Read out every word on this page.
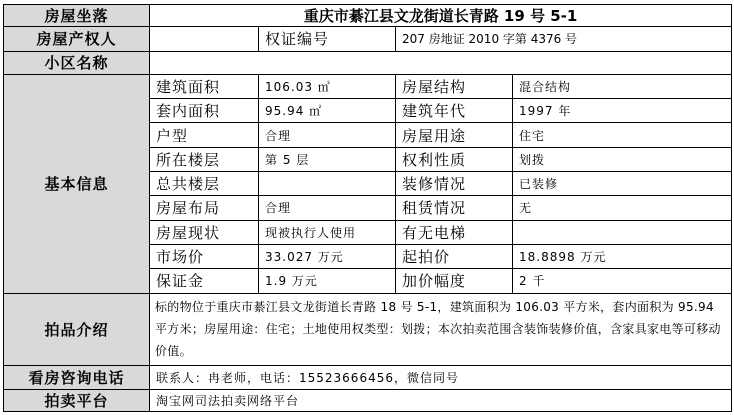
房屋坐落	重庆市綦江县文龙街道长青路 19 号 5-1			
房屋产权人		权证编号	207 房地证 2010 字第 4376 号	
小区名称				
基本信息	建筑面积	106.03 ㎡	房屋结构	混合结构
	套内面积	95.94 ㎡	建筑年代	1997 年
	户型	合理	房屋用途	住宅
	所在楼层	第 5 层	权利性质	划拨
	总共楼层		装修情况	已装修
	房屋布局	合理	租赁情况	无
	房屋现状	现被执行人使用	有无电梯	
	市场价	33.027 万元	起拍价	18.8898 万元
	保证金	1.9 万元	加价幅度	2 千
拍品介绍	标的物位于重庆市綦江县文龙街道长青路 18 号 5-1，建筑面积为 106.03 平方米，套内面积为 95.94 平方米；房屋用途：住宅；土地使用权类型：划拨；本次拍卖范围含装饰装修价值，含家具家电等可移动价值。			
看房咨询电话	联系人：冉老师，电话：15523666456，微信同号			
拍卖平台	淘宝网司法拍卖网络平台			
